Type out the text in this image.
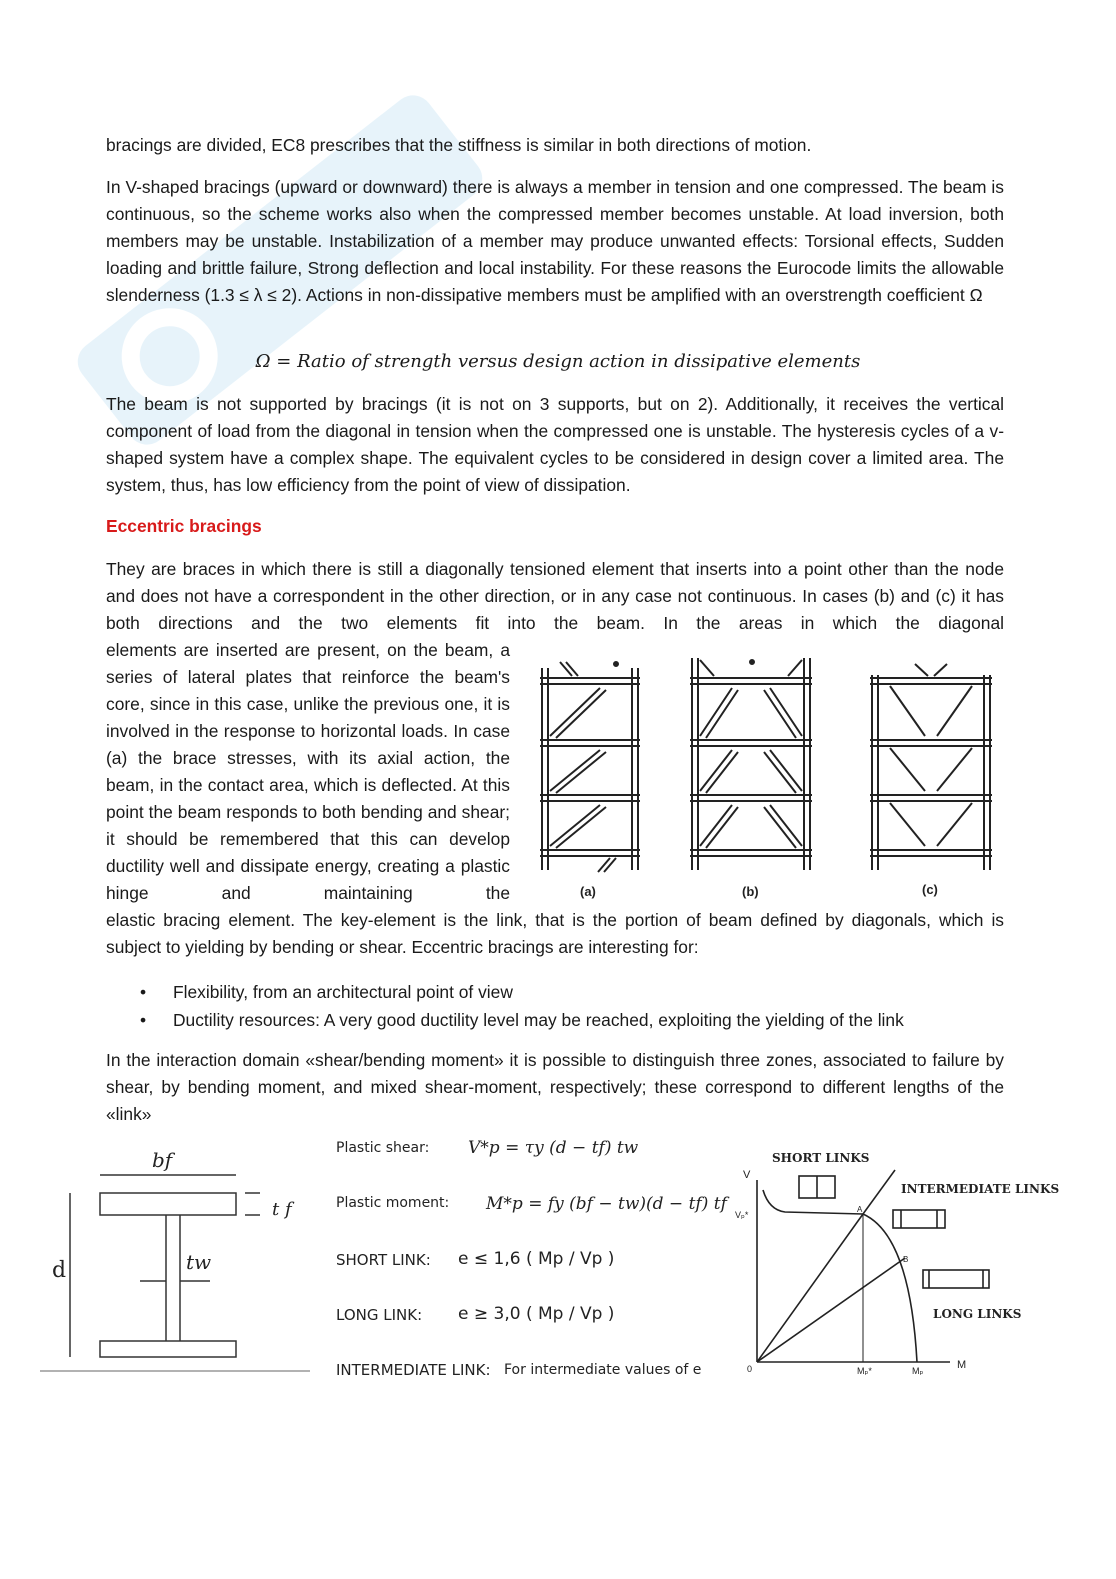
bracings are divided, EC8 prescribes that the stiffness is similar in both directions of motion.

In V-shaped bracings (upward or downward) there is always a member in tension and one compressed. The beam is continuous, so the scheme works also when the compressed member becomes unstable. At load inversion, both members may be unstable. Instabilization of a member may produce unwanted effects: Torsional effects, Sudden loading and brittle failure, Strong deflection and local instability. For these reasons the Eurocode limits the allowable slenderness (1.3 ≤ λ ≤ 2). Actions in non-dissipative members must be amplified with an overstrength coefficient Ω

Ω = Ratio of strength versus design action in dissipative elements

The beam is not supported by bracings (it is not on 3 supports, but on 2). Additionally, it receives the vertical component of load from the diagonal in tension when the compressed one is unstable. The hysteresis cycles of a v-shaped system have a complex shape. The equivalent cycles to be considered in design cover a limited area. The system, thus, has low efficiency from the point of view of dissipation.

Eccentric bracings

They are braces in which there is still a diagonally tensioned element that inserts into a point other than the node and does not have a correspondent in the other direction, or in any case not continuous. In cases (b) and (c) it has both directions and the two elements fit into the beam. In the areas in which the diagonal

elements are inserted are present, on the beam, a series of lateral plates that reinforce the beam's core, since in this case, unlike the previous one, it is involved in the response to horizontal loads. In case (a) the brace stresses, with its axial action, the beam, in the contact area, which is deflected. At this point the beam responds to both bending and shear; it should be remembered that this can develop ductility well and dissipate energy, creating a plastic hinge and maintaining the

elastic bracing element. The key-element is the link, that is the portion of beam defined by diagonals, which is subject to yielding by bending or shear. Eccentric bracings are interesting for:

• Flexibility, from an architectural point of view
• Ductility resources: A very good ductility level may be reached, exploiting the yielding of the link

In the interaction domain «shear/bending moment» it is possible to distinguish three zones, associated to failure by shear, by bending moment, and mixed shear-moment, respectively; these correspond to different lengths of the «link»

(a)	(b)	(c)
bf
t f
d	tw
Plastic shear: V*p = τy (d − tf) tw
Plastic moment: M*p = fy (bf − tw)(d − tf) tf
SHORT LINK: e ≤ 1,6 ( Mp / Vp )
LONG LINK: e ≥ 3,0 ( Mp / Vp )
INTERMEDIATE LINK: For intermediate values of e
SHORT LINKS
INTERMEDIATE LINKS
LONG LINKS
V
M
0
Vₚ*
Mₚ*	Mₚ
A
B
